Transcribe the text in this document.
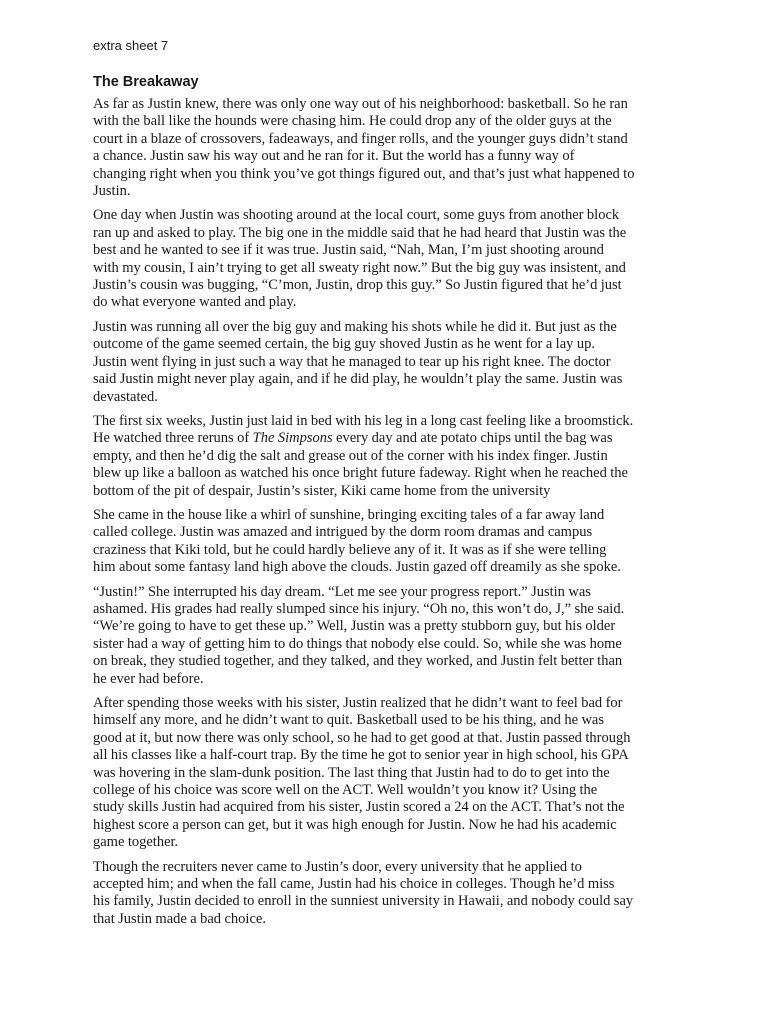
extra sheet 7
The Breakaway

As far as Justin knew, there was only one way out of his neighborhood: basketball. So he ran
with the ball like the hounds were chasing him. He could drop any of the older guys at the
court in a blaze of crossovers, fadeaways, and finger rolls, and the younger guys didn’t stand
a chance. Justin saw his way out and he ran for it. But the world has a funny way of
changing right when you think you’ve got things figured out, and that’s just what happened to
Justin.

One day when Justin was shooting around at the local court, some guys from another block
ran up and asked to play. The big one in the middle said that he had heard that Justin was the
best and he wanted to see if it was true. Justin said, “Nah, Man, I’m just shooting around
with my cousin, I ain’t trying to get all sweaty right now.” But the big guy was insistent, and
Justin’s cousin was bugging, “C’mon, Justin, drop this guy.” So Justin figured that he’d just
do what everyone wanted and play.

Justin was running all over the big guy and making his shots while he did it. But just as the
outcome of the game seemed certain, the big guy shoved Justin as he went for a lay up.
Justin went flying in just such a way that he managed to tear up his right knee. The doctor
said Justin might never play again, and if he did play, he wouldn’t play the same. Justin was
devastated.

The first six weeks, Justin just laid in bed with his leg in a long cast feeling like a broomstick.
He watched three reruns of The Simpsons every day and ate potato chips until the bag was
empty, and then he’d dig the salt and grease out of the corner with his index finger. Justin
blew up like a balloon as watched his once bright future fadeway. Right when he reached the
bottom of the pit of despair, Justin’s sister, Kiki came home from the university

She came in the house like a whirl of sunshine, bringing exciting tales of a far away land
called college. Justin was amazed and intrigued by the dorm room dramas and campus
craziness that Kiki told, but he could hardly believe any of it. It was as if she were telling
him about some fantasy land high above the clouds. Justin gazed off dreamily as she spoke.

“Justin!” She interrupted his day dream. “Let me see your progress report.” Justin was
ashamed. His grades had really slumped since his injury. “Oh no, this won’t do, J,” she said.
“We’re going to have to get these up.” Well, Justin was a pretty stubborn guy, but his older
sister had a way of getting him to do things that nobody else could. So, while she was home
on break, they studied together, and they talked, and they worked, and Justin felt better than
he ever had before.

After spending those weeks with his sister, Justin realized that he didn’t want to feel bad for
himself any more, and he didn’t want to quit. Basketball used to be his thing, and he was
good at it, but now there was only school, so he had to get good at that. Justin passed through
all his classes like a half-court trap. By the time he got to senior year in high school, his GPA
was hovering in the slam-dunk position. The last thing that Justin had to do to get into the
college of his choice was score well on the ACT. Well wouldn’t you know it? Using the
study skills Justin had acquired from his sister, Justin scored a 24 on the ACT. That’s not the
highest score a person can get, but it was high enough for Justin. Now he had his academic
game together.

Though the recruiters never came to Justin’s door, every university that he applied to
accepted him; and when the fall came, Justin had his choice in colleges. Though he’d miss
his family, Justin decided to enroll in the sunniest university in Hawaii, and nobody could say
that Justin made a bad choice.
